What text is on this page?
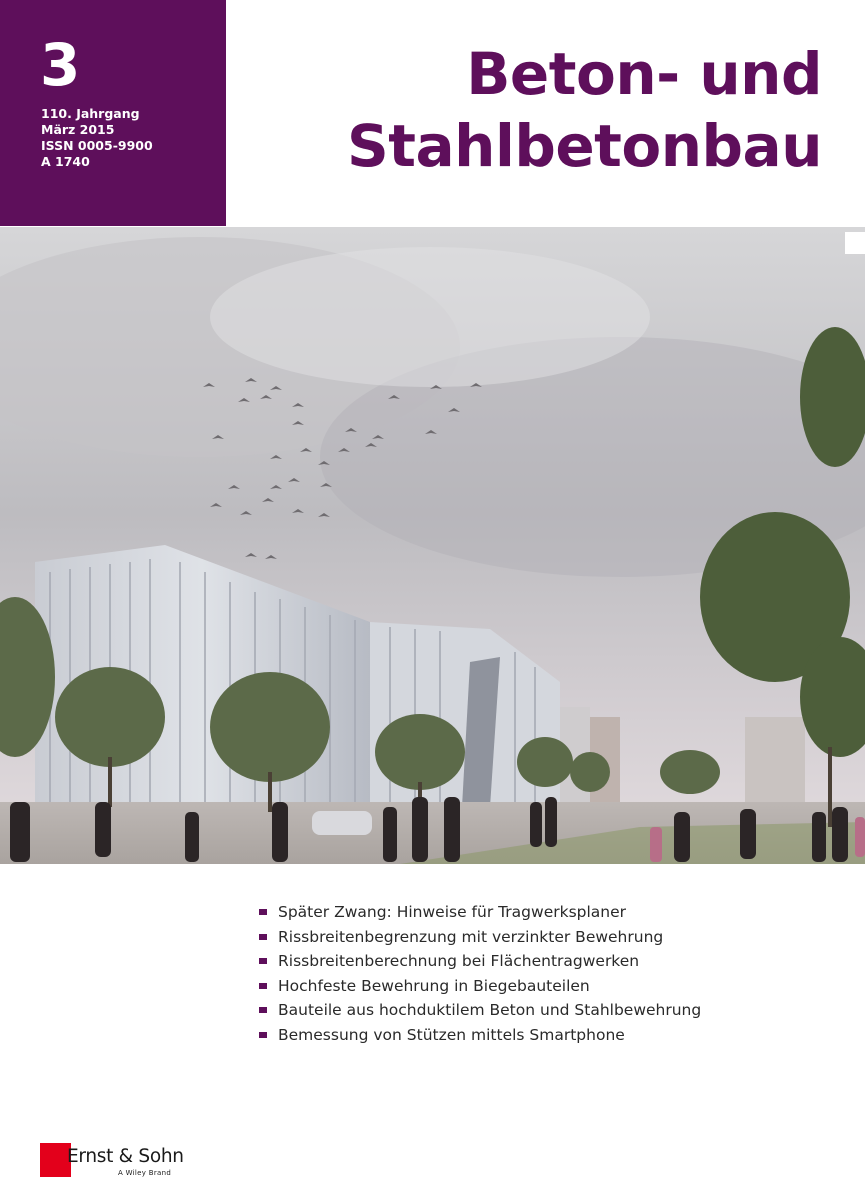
3
110. Jahrgang
März 2015
ISSN 0005-9900
A 1740
Beton- und
Stahlbetonbau
Später Zwang: Hinweise für Tragwerksplaner
Rissbreitenbegrenzung mit verzinkter Bewehrung
Rissbreitenberechnung bei Flächentragwerken
Hochfeste Bewehrung in Biegebauteilen
Bauteile aus hochduktilem Beton und Stahlbewehrung
Bemessung von Stützen mittels Smartphone
Ernst & Sohn
A Wiley Brand
